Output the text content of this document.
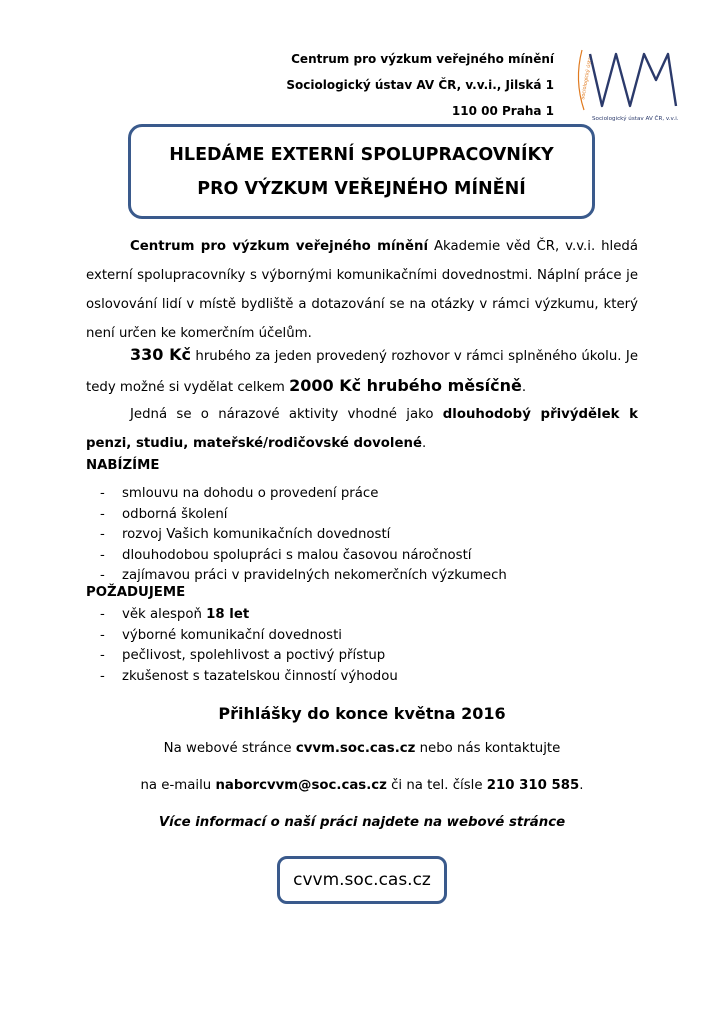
Centrum pro výzkum veřejného mínění
Sociologický ústav AV ČR, v.v.i., Jilská 1
110 00 Praha 1
Sociologický ústav
Sociologický ústav AV ČR, v.v.i.
HLEDÁME EXTERNÍ SPOLUPRACOVNÍKY
PRO VÝZKUM VEŘEJNÉHO MÍNĚNÍ
Centrum pro výzkum veřejného mínění Akademie věd ČR, v.v.i. hledá externí spolupracovníky s výbornými komunikačními dovednostmi. Náplní práce je oslovování lidí v místě bydliště a dotazování se na otázky v rámci výzkumu, který není určen ke komerčním účelům.
330 Kč hrubého za jeden provedený rozhovor v rámci splněného úkolu. Je tedy možné si vydělat celkem 2000 Kč hrubého měsíčně.
Jedná se o nárazové aktivity vhodné jako dlouhodobý přivýdělek k penzi, studiu, mateřské/rodičovské dovolené.
NABÍZÍME
- smlouvu na dohodu o provedení práce
- odborná školení
- rozvoj Vašich komunikačních dovedností
- dlouhodobou spolupráci s malou časovou náročností
- zajímavou práci v pravidelných nekomerčních výzkumech
POŽADUJEME
- věk alespoň 18 let
- výborné komunikační dovednosti
- pečlivost, spolehlivost a poctivý přístup
- zkušenost s tazatelskou činností výhodou
Přihlášky do konce května 2016
Na webové stránce cvvm.soc.cas.cz nebo nás kontaktujte
na e-mailu naborcvvm@soc.cas.cz či na tel. čísle 210 310 585.
Více informací o naší práci najdete na webové stránce
cvvm.soc.cas.cz
